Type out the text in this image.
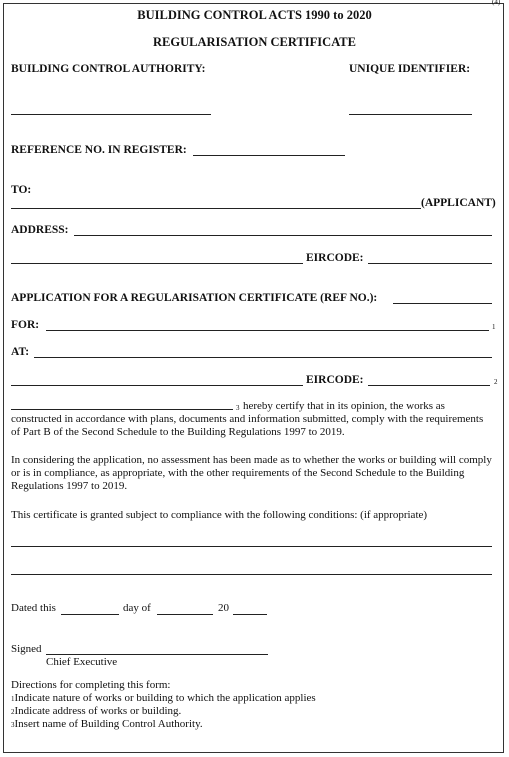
(4)
BUILDING CONTROL ACTS 1990 to 2020
REGULARISATION CERTIFICATE
BUILDING CONTROL AUTHORITY:	UNIQUE IDENTIFIER:
REFERENCE NO. IN REGISTER:
TO:
(APPLICANT)
ADDRESS:
EIRCODE:
APPLICATION FOR A REGULARISATION CERTIFICATE (REF NO.):
FOR:	1
AT:
EIRCODE:	2
3 hereby certify that in its opinion, the works as
constructed in accordance with plans, documents and information submitted, comply with the requirements of Part B of the Second Schedule to the Building Regulations 1997 to 2019.
In considering the application, no assessment has been made as to whether the works or building will comply or is in compliance, as appropriate, with the other requirements of the Second Schedule to the Building Regulations 1997 to 2019.
This certificate is granted subject to compliance with the following conditions: (if appropriate)
Dated this	day of	20
Signed
Chief Executive
Directions for completing this form:
1Indicate nature of works or building to which the application applies
2Indicate address of works or building.
3Insert name of Building Control Authority.
